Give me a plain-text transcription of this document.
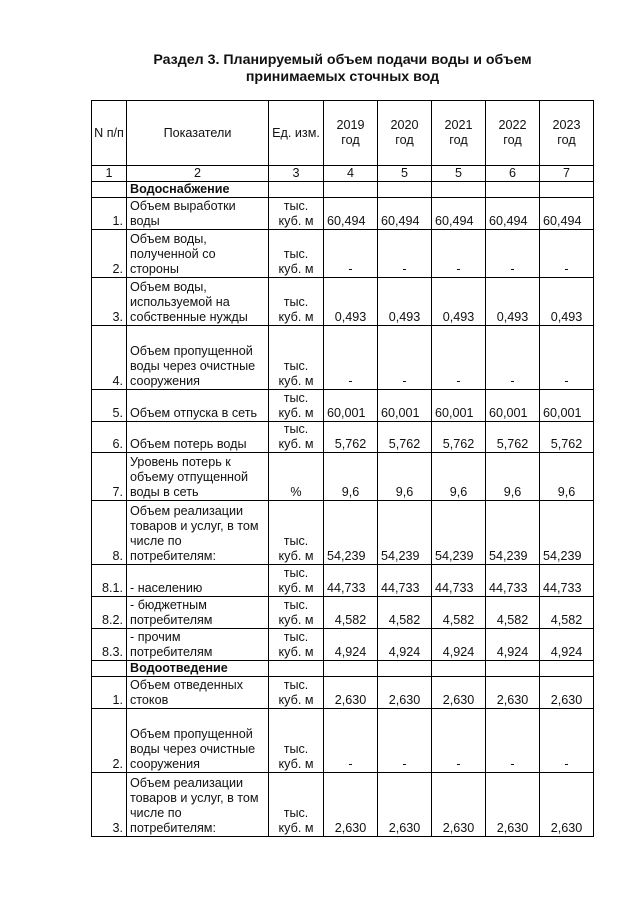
Раздел 3. Планируемый объем подачи воды и объем
принимаемых сточных вод
N п/п	Показатели	Ед. изм.	2019 год	2020 год	2021 год	2022 год	2023 год
1	2	3	4	5	5	6	7
	Водоснабжение						
1.	Объем выработки воды	тыс. куб. м	60,494	60,494	60,494	60,494	60,494
2.	Объем воды, полученной со стороны	тыс. куб. м	-	-	-	-	-
3.	Объем воды, используемой на собственные нужды	тыс. куб. м	0,493	0,493	0,493	0,493	0,493
4.	Объем пропущенной воды через очистные сооружения	тыс. куб. м	-	-	-	-	-
5.	Объем отпуска в сеть	тыс. куб. м	60,001	60,001	60,001	60,001	60,001
6.	Объем потерь воды	тыс. куб. м	5,762	5,762	5,762	5,762	5,762
7.	Уровень потерь к объему отпущенной воды в сеть	%	9,6	9,6	9,6	9,6	9,6
8.	Объем реализации товаров и услуг, в том числе по потребителям:	тыс. куб. м	54,239	54,239	54,239	54,239	54,239
8.1.	- населению	тыс. куб. м	44,733	44,733	44,733	44,733	44,733
8.2.	- бюджетным потребителям	тыс. куб. м	4,582	4,582	4,582	4,582	4,582
8.3.	- прочим потребителям	тыс. куб. м	4,924	4,924	4,924	4,924	4,924
	Водоотведение						
1.	Объем отведенных стоков	тыс. куб. м	2,630	2,630	2,630	2,630	2,630
2.	Объем пропущенной воды через очистные сооружения	тыс. куб. м	-	-	-	-	-
3.	Объем реализации товаров и услуг, в том числе по потребителям:	тыс. куб. м	2,630	2,630	2,630	2,630	2,630
